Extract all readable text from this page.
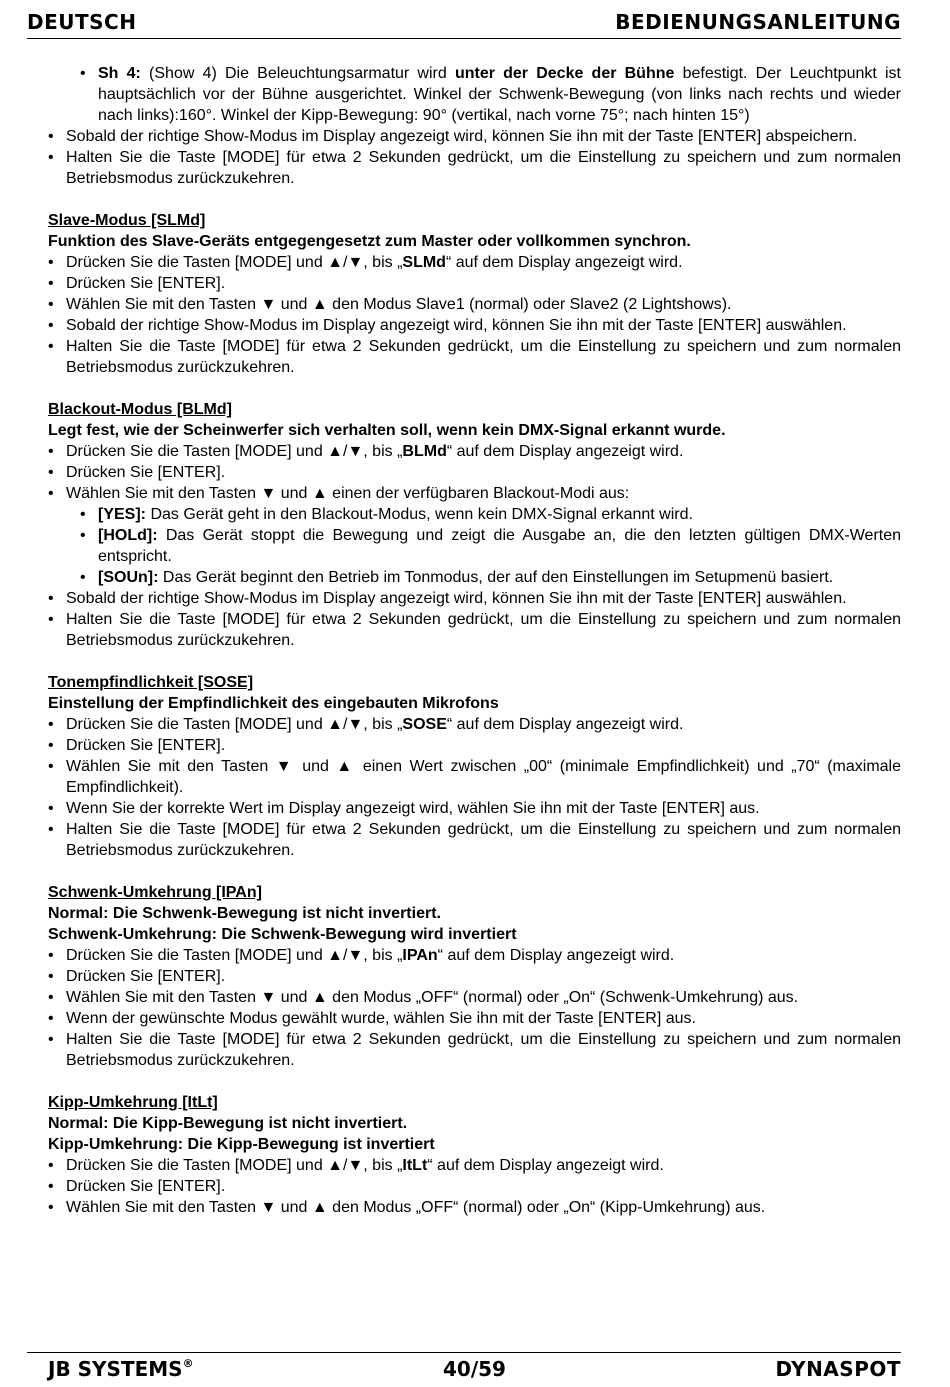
DEUTSCH	BEDIENUNGSANLEITUNG
• Sh 4: (Show 4) Die Beleuchtungsarmatur wird unter der Decke der Bühne befestigt. Der Leuchtpunkt ist hauptsächlich vor der Bühne ausgerichtet. Winkel der Schwenk-Bewegung (von links nach rechts und wieder nach links):160°. Winkel der Kipp-Bewegung: 90° (vertikal, nach vorne 75°; nach hinten 15°)
• Sobald der richtige Show-Modus im Display angezeigt wird, können Sie ihn mit der Taste [ENTER] abspeichern.
• Halten Sie die Taste [MODE] für etwa 2 Sekunden gedrückt, um die Einstellung zu speichern und zum normalen Betriebsmodus zurückzukehren.

Slave-Modus [SLMd]

Funktion des Slave-Geräts entgegengesetzt zum Master oder vollkommen synchron.

• Drücken Sie die Tasten [MODE] und ▲/▼, bis „SLMd“ auf dem Display angezeigt wird.
• Drücken Sie [ENTER].
• Wählen Sie mit den Tasten ▼ und ▲ den Modus Slave1 (normal) oder Slave2 (2 Lightshows).
• Sobald der richtige Show-Modus im Display angezeigt wird, können Sie ihn mit der Taste [ENTER] auswählen.
• Halten Sie die Taste [MODE] für etwa 2 Sekunden gedrückt, um die Einstellung zu speichern und zum normalen Betriebsmodus zurückzukehren.

Blackout-Modus [BLMd]

Legt fest, wie der Scheinwerfer sich verhalten soll, wenn kein DMX-Signal erkannt wurde.

• Drücken Sie die Tasten [MODE] und ▲/▼, bis „BLMd“ auf dem Display angezeigt wird.
• Drücken Sie [ENTER].
• Wählen Sie mit den Tasten ▼ und ▲ einen der verfügbaren Blackout-Modi aus:
• [YES]: Das Gerät geht in den Blackout-Modus, wenn kein DMX-Signal erkannt wird.
• [HOLd]: Das Gerät stoppt die Bewegung und zeigt die Ausgabe an, die den letzten gültigen DMX-Werten entspricht.
• [SOUn]: Das Gerät beginnt den Betrieb im Tonmodus, der auf den Einstellungen im Setupmenü basiert.
• Sobald der richtige Show-Modus im Display angezeigt wird, können Sie ihn mit der Taste [ENTER] auswählen.
• Halten Sie die Taste [MODE] für etwa 2 Sekunden gedrückt, um die Einstellung zu speichern und zum normalen Betriebsmodus zurückzukehren.

Tonempfindlichkeit [SOSE]

Einstellung der Empfindlichkeit des eingebauten Mikrofons

• Drücken Sie die Tasten [MODE] und ▲/▼, bis „SOSE“ auf dem Display angezeigt wird.
• Drücken Sie [ENTER].
• Wählen Sie mit den Tasten ▼ und ▲ einen Wert zwischen „00“ (minimale Empfindlichkeit) und „70“ (maximale Empfindlichkeit).
• Wenn Sie der korrekte Wert im Display angezeigt wird, wählen Sie ihn mit der Taste [ENTER] aus.
• Halten Sie die Taste [MODE] für etwa 2 Sekunden gedrückt, um die Einstellung zu speichern und zum normalen Betriebsmodus zurückzukehren.

Schwenk-Umkehrung [IPAn]

Normal: Die Schwenk-Bewegung ist nicht invertiert.

Schwenk-Umkehrung: Die Schwenk-Bewegung wird invertiert

• Drücken Sie die Tasten [MODE] und ▲/▼, bis „IPAn“ auf dem Display angezeigt wird.
• Drücken Sie [ENTER].
• Wählen Sie mit den Tasten ▼ und ▲ den Modus „OFF“ (normal) oder „On“ (Schwenk-Umkehrung) aus.
• Wenn der gewünschte Modus gewählt wurde, wählen Sie ihn mit der Taste [ENTER] aus.
• Halten Sie die Taste [MODE] für etwa 2 Sekunden gedrückt, um die Einstellung zu speichern und zum normalen Betriebsmodus zurückzukehren.

Kipp-Umkehrung [ItLt]

Normal: Die Kipp-Bewegung ist nicht invertiert.

Kipp-Umkehrung: Die Kipp-Bewegung ist invertiert

• Drücken Sie die Tasten [MODE] und ▲/▼, bis „ItLt“ auf dem Display angezeigt wird.
• Drücken Sie [ENTER].
• Wählen Sie mit den Tasten ▼ und ▲ den Modus „OFF“ (normal) oder „On“ (Kipp-Umkehrung) aus.
JB SYSTEMS®	40/59	DYNASPOT
